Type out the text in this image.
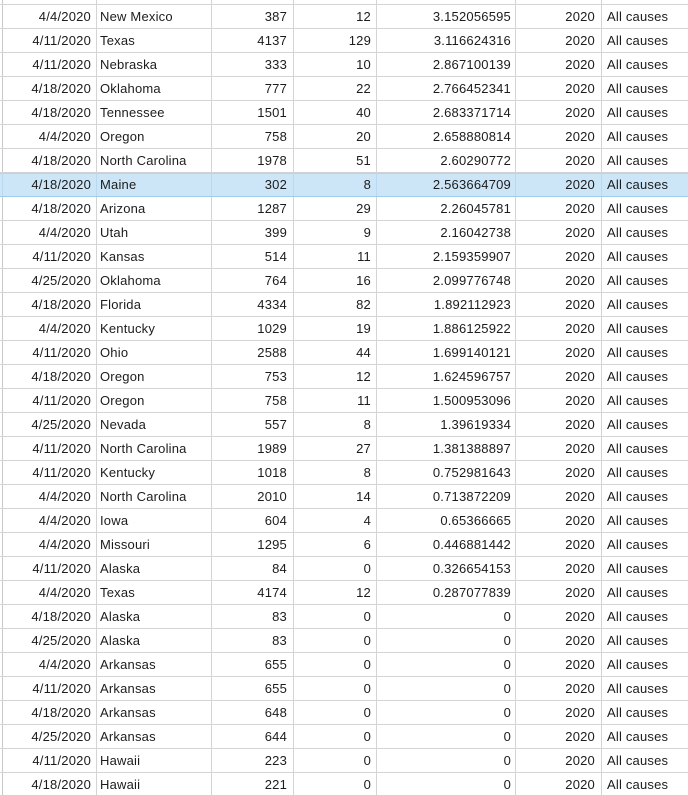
4/4/2020 New Mexico	387	12	3.152056595	2020 All causes
4/11/2020 Texas	4137	129	3.116624316	2020 All causes
4/11/2020 Nebraska	333	10	2.867100139	2020 All causes
4/18/2020 Oklahoma	777	22	2.766452341	2020 All causes
4/18/2020 Tennessee	1501	40	2.683371714	2020 All causes
4/4/2020 Oregon	758	20	2.658880814	2020 All causes
4/18/2020 North Carolina	1978	51	2.60290772	2020 All causes
4/18/2020 Maine	302	8	2.563664709	2020 All causes
4/18/2020 Arizona	1287	29	2.26045781	2020 All causes
4/4/2020 Utah	399	9	2.16042738	2020 All causes
4/11/2020 Kansas	514	11	2.159359907	2020 All causes
4/25/2020 Oklahoma	764	16	2.099776748	2020 All causes
4/18/2020 Florida	4334	82	1.892112923	2020 All causes
4/4/2020 Kentucky	1029	19	1.886125922	2020 All causes
4/11/2020 Ohio	2588	44	1.699140121	2020 All causes
4/18/2020 Oregon	753	12	1.624596757	2020 All causes
4/11/2020 Oregon	758	11	1.500953096	2020 All causes
4/25/2020 Nevada	557	8	1.39619334	2020 All causes
4/11/2020 North Carolina	1989	27	1.381388897	2020 All causes
4/11/2020 Kentucky	1018	8	0.752981643	2020 All causes
4/4/2020 North Carolina	2010	14	0.713872209	2020 All causes
4/4/2020 Iowa	604	4	0.65366665	2020 All causes
4/4/2020 Missouri	1295	6	0.446881442	2020 All causes
4/11/2020 Alaska	84	0	0.326654153	2020 All causes
4/4/2020 Texas	4174	12	0.287077839	2020 All causes
4/18/2020 Alaska	83	0	0	2020 All causes
4/25/2020 Alaska	83	0	0	2020 All causes
4/4/2020 Arkansas	655	0	0	2020 All causes
4/11/2020 Arkansas	655	0	0	2020 All causes
4/18/2020 Arkansas	648	0	0	2020 All causes
4/25/2020 Arkansas	644	0	0	2020 All causes
4/11/2020 Hawaii	223	0	0	2020 All causes
4/18/2020 Hawaii	221	0	0	2020 All causes
